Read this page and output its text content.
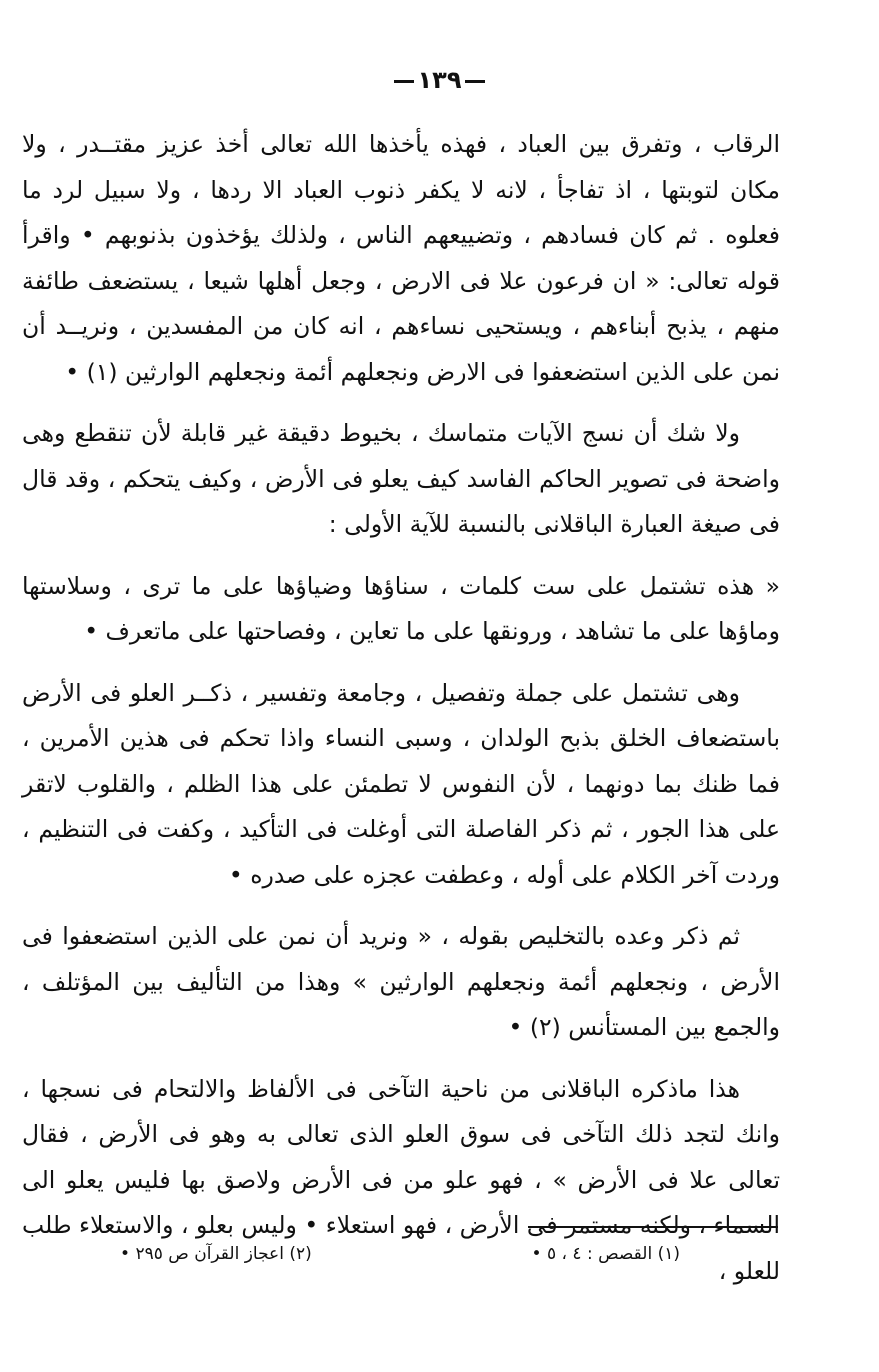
١٣٩

الرقاب ، وتفرق بين العباد ، فهذه يأخذها الله تعالى أخذ عزيز مقتــدر ، ولا مكان لتوبتها ، اذ تفاجأ ، لانه لا يكفر ذنوب العباد الا ردها ، ولا سبيل لرد ما فعلوه . ثم كان فسادهم ، وتضييعهم الناس ، ولذلك يؤخذون بذنوبهم • واقرأ قوله تعالى: « ان فرعون علا فى الارض ، وجعل أهلها شيعا ، يستضعف طائفة منهم ، يذبح أبناءهم ، ويستحيى نساءهم ، انه كان من المفسدين ، ونريــد أن نمن على الذين استضعفوا فى الارض ونجعلهم أئمة ونجعلهم الوارثين (١) •

ولا شك أن نسج الآيات متماسك ، بخيوط دقيقة غير قابلة لأن تنقطع وهى واضحة فى تصوير الحاكم الفاسد كيف يعلو فى الأرض ، وكيف يتحكم ، وقد قال فى صيغة العبارة الباقلانى بالنسبة للآية الأولى :

« هذه تشتمل على ست كلمات ، سناؤها وضياؤها على ما ترى ، وسلاستها وماؤها على ما تشاهد ، ورونقها على ما تعاين ، وفصاحتها على ماتعرف •

وهى تشتمل على جملة وتفصيل ، وجامعة وتفسير ، ذكــر العلو فى الأرض باستضعاف الخلق بذبح الولدان ، وسبى النساء واذا تحكم فى هذين الأمرين ، فما ظنك بما دونهما ، لأن النفوس لا تطمئن على هذا الظلم ، والقلوب لاتقر على هذا الجور ، ثم ذكر الفاصلة التى أوغلت فى التأكيد ، وكفت فى التنظيم ، وردت آخر الكلام على أوله ، وعطفت عجزه على صدره •

ثم ذكر وعده بالتخليص بقوله ، « ونريد أن نمن على الذين استضعفوا فى الأرض ، ونجعلهم أئمة ونجعلهم الوارثين » وهذا من التأليف بين المؤتلف ، والجمع بين المستأنس (٢) •

هذا ماذكره الباقلانى من ناحية التآخى فى الألفاظ والالتحام فى نسجها ، وانك لتجد ذلك التآخى فى سوق العلو الذى تعالى به وهو فى الأرض ، فقال تعالى علا فى الأرض » ، فهو علو من فى الأرض ولاصق بها فليس يعلو الى السماء ، ولكنه مستمر فى الأرض ، فهو استعلاء • وليس بعلو ، والاستعلاء طلب للعلو ،

(١) القصص : ٤ ، ٥ •
(٢) اعجاز القرآن ص ٢٩٥ •
